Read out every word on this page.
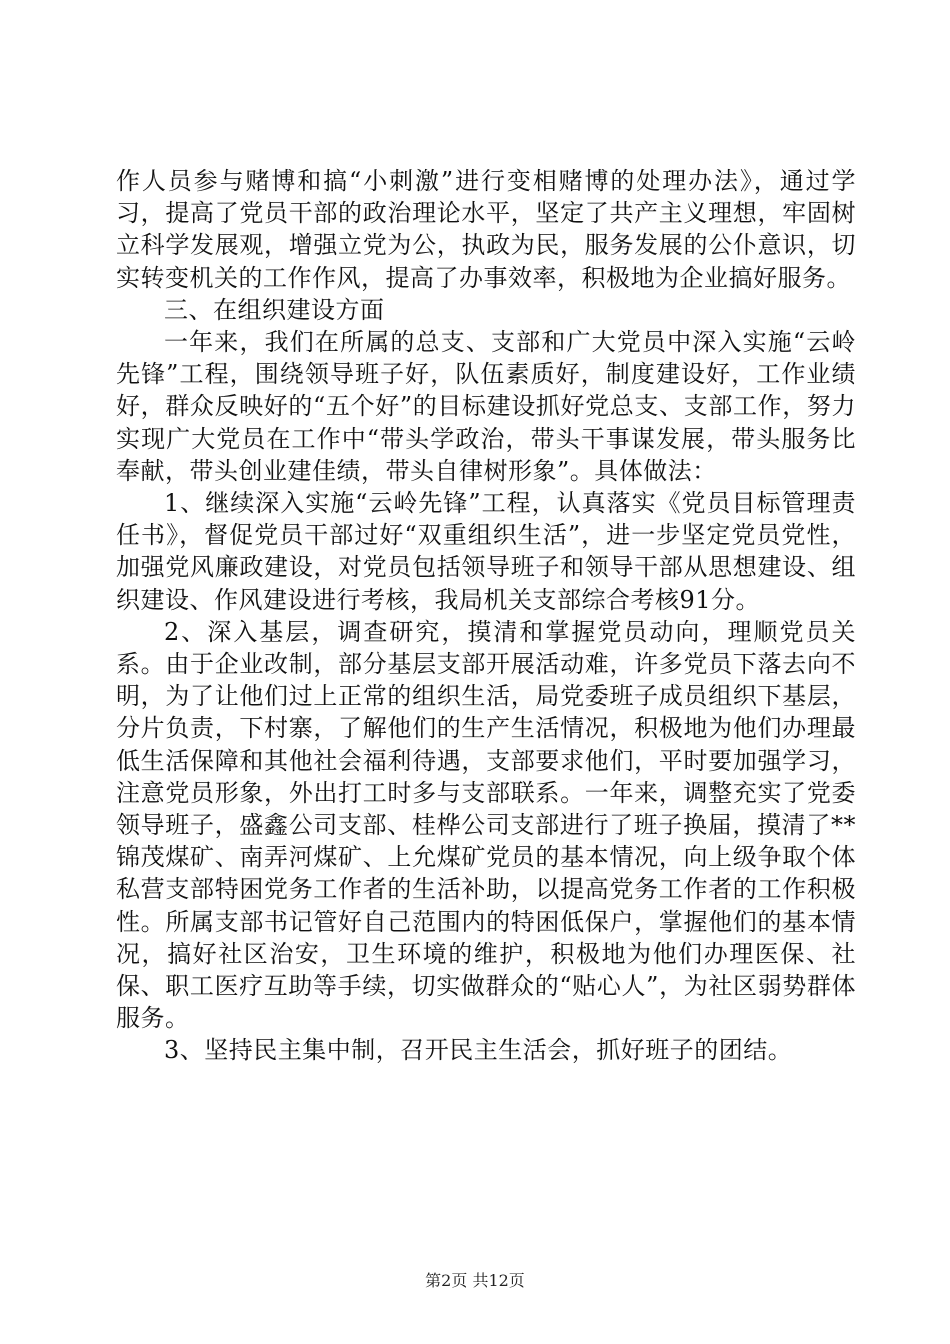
作人员参与赌博和搞“小刺激”进行变相赌博的处理办法》，通过学习，提高了党员干部的政治理论水平，坚定了共产主义理想，牢固树立科学发展观，增强立党为公，执政为民，服务发展的公仆意识，切实转变机关的工作作风，提高了办事效率，积极地为企业搞好服务。

三、在组织建设方面

一年来，我们在所属的总支、支部和广大党员中深入实施“云岭先锋”工程，围绕领导班子好，队伍素质好，制度建设好，工作业绩好，群众反映好的“五个好”的目标建设抓好党总支、支部工作，努力实现广大党员在工作中“带头学政治，带头干事谋发展，带头服务比奉献，带头创业建佳绩，带头自律树形象”。具体做法：

1、继续深入实施“云岭先锋”工程，认真落实《党员目标管理责任书》，督促党员干部过好“双重组织生活”，进一步坚定党员党性，加强党风廉政建设，对党员包括领导班子和领导干部从思想建设、组织建设、作风建设进行考核，我局机关支部综合考核91分。

2、深入基层，调查研究，摸清和掌握党员动向，理顺党员关系。由于企业改制，部分基层支部开展活动难，许多党员下落去向不明，为了让他们过上正常的组织生活，局党委班子成员组织下基层，分片负责，下村寨，了解他们的生产生活情况，积极地为他们办理最低生活保障和其他社会福利待遇，支部要求他们，平时要加强学习，注意党员形象，外出打工时多与支部联系。一年来，调整充实了党委领导班子，盛鑫公司支部、桂桦公司支部进行了班子换届，摸清了**锦茂煤矿、南弄河煤矿、上允煤矿党员的基本情况，向上级争取个体私营支部特困党务工作者的生活补助，以提高党务工作者的工作积极性。所属支部书记管好自己范围内的特困低保户，掌握他们的基本情况，搞好社区治安，卫生环境的维护，积极地为他们办理医保、社保、职工医疗互助等手续，切实做群众的“贴心人”，为社区弱势群体服务。

3、坚持民主集中制，召开民主生活会，抓好班子的团结。

第2页 共12页
